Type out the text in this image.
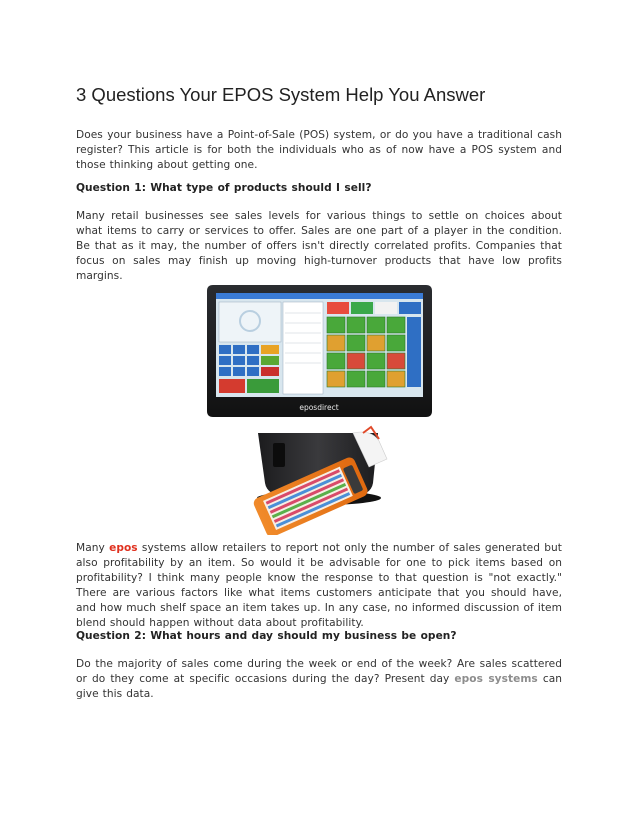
3 Questions Your EPOS System Help You Answer

Does your business have a Point-of-Sale (POS) system, or do you have a traditional cash register? This article is for both the individuals who as of now have a POS system and those thinking about getting one.

Question 1: What type of products should I sell?

Many retail businesses see sales levels for various things to settle on choices about what items to carry or services to offer. Sales are one part of a player in the condition. Be that as it may, the number of offers isn't directly correlated profits. Companies that focus on sales may finish up moving high-turnover products that have low profits margins.

eposdirect

Many epos systems allow retailers to report not only the number of sales generated but also profitability by an item. So would it be advisable for one to pick items based on profitability? I think many people know the response to that question is "not exactly." There are various factors like what items customers anticipate that you should have, and how much shelf space an item takes up. In any case, no informed discussion of item blend should happen without data about profitability.

Question 2: What hours and day should my business be open?

Do the majority of sales come during the week or end of the week? Are sales scattered or do they come at specific occasions during the day? Present day epos systems can give this data.
